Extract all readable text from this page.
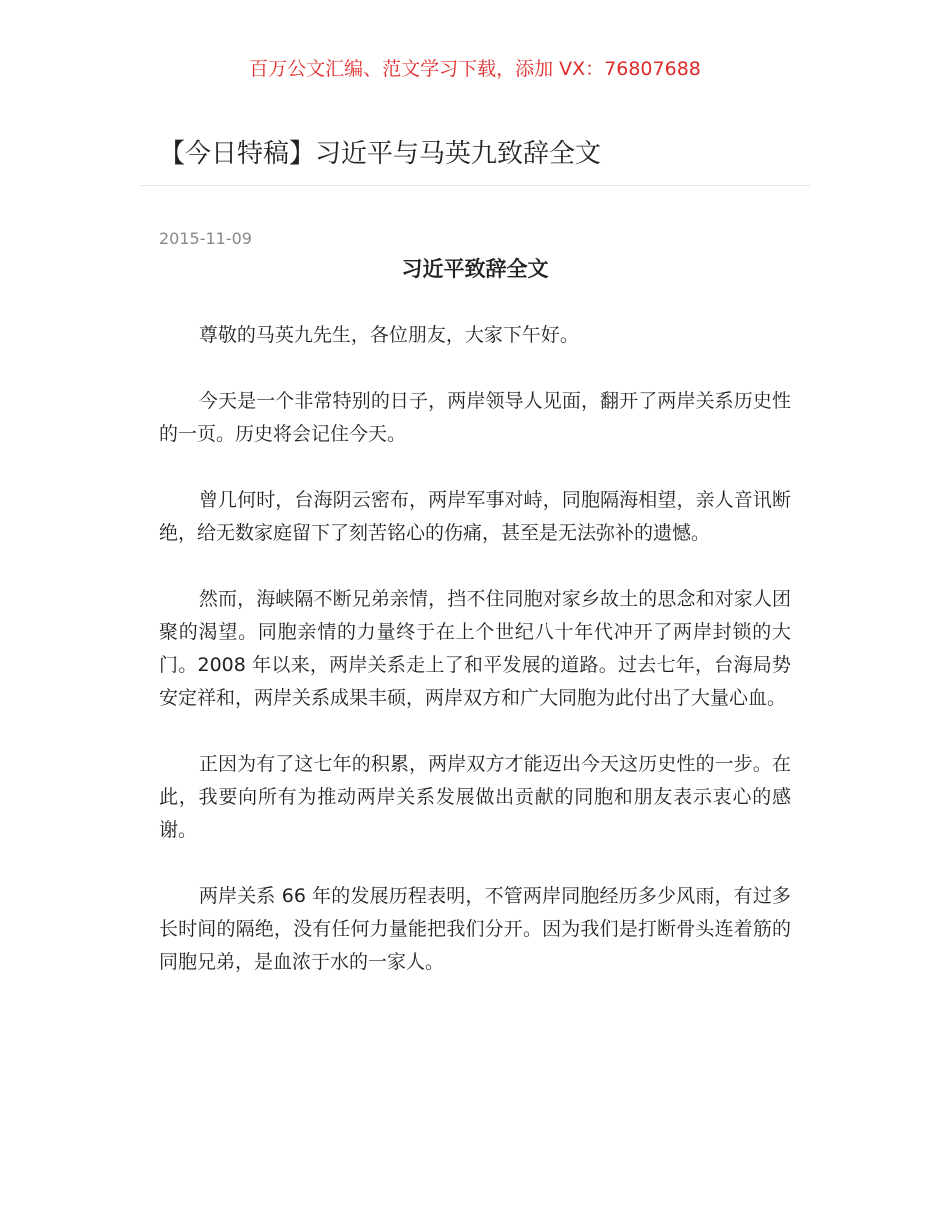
百万公文汇编、范文学习下载，添加 VX：76807688
【今日特稿】习近平与马英九致辞全文
2015-11-09
习近平致辞全文

尊敬的马英九先生，各位朋友，大家下午好。

今天是一个非常特别的日子，两岸领导人见面，翻开了两岸关系历史性的一页。历史将会记住今天。

曾几何时，台海阴云密布，两岸军事对峙，同胞隔海相望，亲人音讯断绝，给无数家庭留下了刻苦铭心的伤痛，甚至是无法弥补的遗憾。

然而，海峡隔不断兄弟亲情，挡不住同胞对家乡故土的思念和对家人团聚的渴望。同胞亲情的力量终于在上个世纪八十年代冲开了两岸封锁的大门。2008 年以来，两岸关系走上了和平发展的道路。过去七年，台海局势安定祥和，两岸关系成果丰硕，两岸双方和广大同胞为此付出了大量心血。

正因为有了这七年的积累，两岸双方才能迈出今天这历史性的一步。在此，我要向所有为推动两岸关系发展做出贡献的同胞和朋友表示衷心的感谢。

两岸关系 66 年的发展历程表明，不管两岸同胞经历多少风雨，有过多长时间的隔绝，没有任何力量能把我们分开。因为我们是打断骨头连着筋的同胞兄弟，是血浓于水的一家人。
